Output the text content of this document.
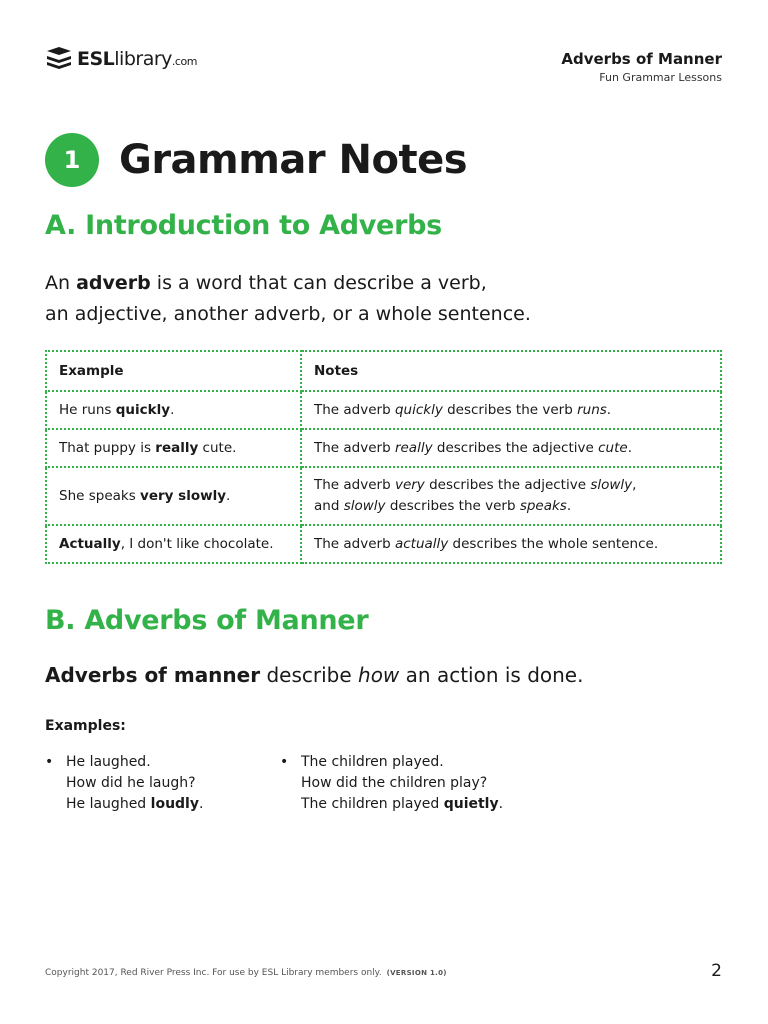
ESLlibrary.com	Adverbs of Manner
Fun Grammar Lessons
1 Grammar Notes
A. Introduction to Adverbs
An adverb is a word that can describe a verb,
an adjective, another adverb, or a whole sentence.
Example	Notes
He runs quickly.	The adverb quickly describes the verb runs.
That puppy is really cute.	The adverb really describes the adjective cute.
She speaks very slowly.	The adverb very describes the adjective slowly,
and slowly describes the verb speaks.

Actually, I don't like chocolate.	The adverb actually describes the whole sentence.
B. Adverbs of Manner
Adverbs of manner describe how an action is done.
Examples:
• He laughed.
How did he laugh?
He laughed loudly.
• The children played.
How did the children play?
The children played quietly.
Copyright 2017, Red River Press Inc. For use by ESL Library members only. (VERSION 1.0)	2
